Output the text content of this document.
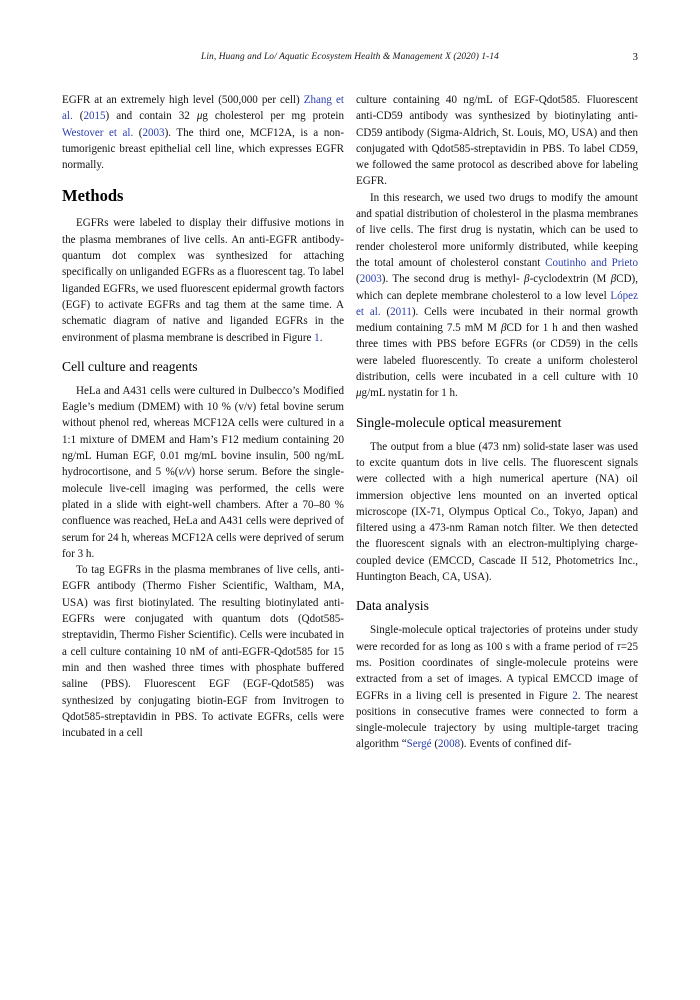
Lin, Huang and Lo/ Aquatic Ecosystem Health & Management X (2020) 1-14	3

EGFR at an extremely high level (500,000 per cell) Zhang et al. (2015) and contain 32 μg cholesterol per mg protein Westover et al. (2003). The third one, MCF12A, is a non-tumorigenic breast epithelial cell line, which expresses EGFR normally.

Methods

EGFRs were labeled to display their diffusive motions in the plasma membranes of live cells. An anti-EGFR antibody-quantum dot complex was synthesized for attaching specifically on unliganded EGFRs as a fluorescent tag. To label liganded EGFRs, we used fluorescent epidermal growth factors (EGF) to activate EGFRs and tag them at the same time. A schematic diagram of native and liganded EGFRs in the environment of plasma membrane is described in Figure 1.

Cell culture and reagents

HeLa and A431 cells were cultured in Dulbecco’s Modified Eagle’s medium (DMEM) with 10 % (v/v) fetal bovine serum without phenol red, whereas MCF12A cells were cultured in a 1:1 mixture of DMEM and Ham’s F12 medium containing 20 ng/mL Human EGF, 0.01 mg/mL bovine insulin, 500 ng/mL hydrocortisone, and 5 %(v/v) horse serum. Before the single-molecule live-cell imaging was performed, the cells were plated in a slide with eight-well chambers. After a 70–80 % confluence was reached, HeLa and A431 cells were deprived of serum for 24 h, whereas MCF12A cells were deprived of serum for 3 h.

To tag EGFRs in the plasma membranes of live cells, anti-EGFR antibody (Thermo Fisher Scientific, Waltham, MA, USA) was first biotinylated. The resulting biotinylated anti-EGFRs were conjugated with quantum dots (Qdot585-streptavidin, Thermo Fisher Scientific). Cells were incubated in a cell culture containing 10 nM of anti-EGFR-Qdot585 for 15 min and then washed three times with phosphate buffered saline (PBS). Fluorescent EGF (EGF-Qdot585) was synthesized by conjugating biotin-EGF from Invitrogen to Qdot585-streptavidin in PBS. To activate EGFRs, cells were incubated in a cell

culture containing 40 ng/mL of EGF-Qdot585. Fluorescent anti-CD59 antibody was synthesized by biotinylating anti-CD59 antibody (Sigma-Aldrich, St. Louis, MO, USA) and then conjugated with Qdot585-streptavidin in PBS. To label CD59, we followed the same protocol as described above for labeling EGFR.

In this research, we used two drugs to modify the amount and spatial distribution of cholesterol in the plasma membranes of live cells. The first drug is nystatin, which can be used to render cholesterol more uniformly distributed, while keeping the total amount of cholesterol constant Coutinho and Prieto (2003). The second drug is methyl- β-cyclodextrin (M βCD), which can deplete membrane cholesterol to a low level López et al. (2011). Cells were incubated in their normal growth medium containing 7.5 mM M βCD for 1 h and then washed three times with PBS before EGFRs (or CD59) in the cells were labeled fluorescently. To create a uniform cholesterol distribution, cells were incubated in a cell culture with 10 μg/mL nystatin for 1 h.

Single-molecule optical measurement

The output from a blue (473 nm) solid-state laser was used to excite quantum dots in live cells. The fluorescent signals were collected with a high numerical aperture (NA) oil immersion objective lens mounted on an inverted optical microscope (IX-71, Olympus Optical Co., Tokyo, Japan) and filtered using a 473-nm Raman notch filter. We then detected the fluorescent signals with an electron-multiplying charge-coupled device (EMCCD, Cascade II 512, Photometrics Inc., Huntington Beach, CA, USA).

Data analysis

Single-molecule optical trajectories of proteins under study were recorded for as long as 100 s with a frame period of τ=25 ms. Position coordinates of single-molecule proteins were extracted from a set of images. A typical EMCCD image of EGFRs in a living cell is presented in Figure 2. The nearest positions in consecutive frames were connected to form a single-molecule trajectory by using multiple-target tracing algorithm “Sergé (2008). Events of confined dif-
